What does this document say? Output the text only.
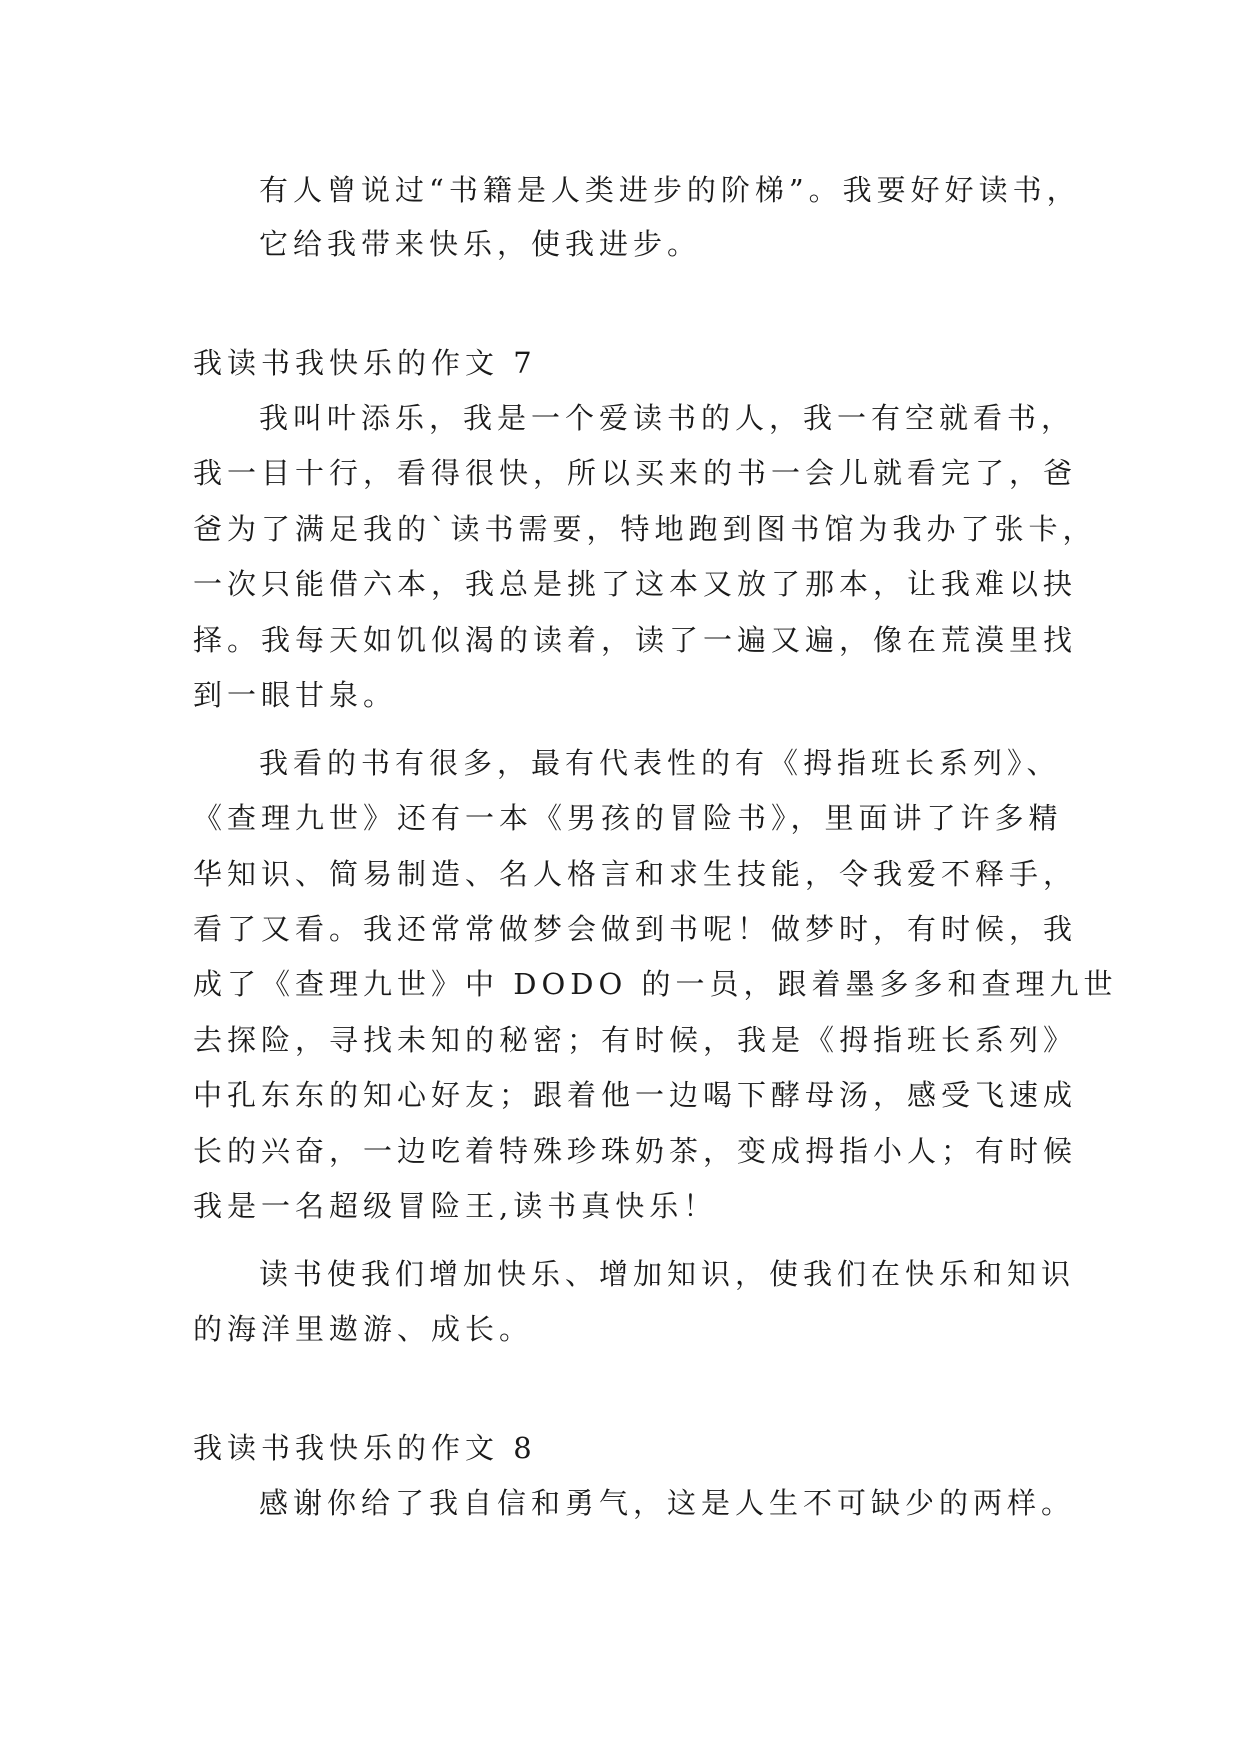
有人曾说过“书籍是人类进步的阶梯”。我要好好读书，
它给我带来快乐，使我进步。
我读书我快乐的作文 7
我叫叶添乐，我是一个爱读书的人，我一有空就看书，
我一目十行，看得很快，所以买来的书一会儿就看完了，爸
爸为了满足我的`读书需要，特地跑到图书馆为我办了张卡，
一次只能借六本，我总是挑了这本又放了那本，让我难以抉
择。我每天如饥似渴的读着，读了一遍又遍，像在荒漠里找
到一眼甘泉。
我看的书有很多，最有代表性的有《拇指班长系列》、
《查理九世》还有一本《男孩的冒险书》，里面讲了许多精
华知识、简易制造、名人格言和求生技能，令我爱不释手，
看了又看。我还常常做梦会做到书呢！做梦时，有时候，我
成了《查理九世》中 DODO 的一员，跟着墨多多和查理九世
去探险，寻找未知的秘密；有时候，我是《拇指班长系列》
中孔东东的知心好友；跟着他一边喝下酵母汤，感受飞速成
长的兴奋，一边吃着特殊珍珠奶茶，变成拇指小人；有时候
我是一名超级冒险王,读书真快乐！
读书使我们增加快乐、增加知识，使我们在快乐和知识
的海洋里遨游、成长。
我读书我快乐的作文 8
感谢你给了我自信和勇气，这是人生不可缺少的两样。
